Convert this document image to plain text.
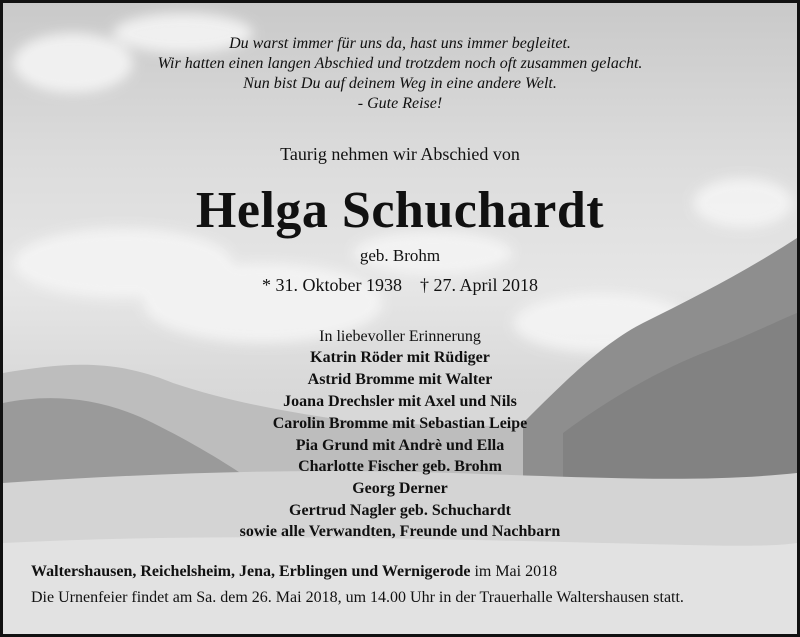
Du warst immer für uns da, hast uns immer begleitet.
Wir hatten einen langen Abschied und trotzdem noch oft zusammen gelacht.
Nun bist Du auf deinem Weg in eine andere Welt.
- Gute Reise!
Taurig nehmen wir Abschied von
Helga Schuchardt
geb. Brohm
* 31. Oktober 1938 † 27. April 2018
In liebevoller Erinnerung
Katrin Röder mit Rüdiger
Astrid Bromme mit Walter
Joana Drechsler mit Axel und Nils
Carolin Bromme mit Sebastian Leipe
Pia Grund mit Andrè und Ella
Charlotte Fischer geb. Brohm
Georg Derner
Gertrud Nagler geb. Schuchardt
sowie alle Verwandten, Freunde und Nachbarn
Waltershausen, Reichelsheim, Jena, Erblingen und Wernigerode im Mai 2018
Die Urnenfeier findet am Sa. dem 26. Mai 2018, um 14.00 Uhr in der Trauerhalle Waltershausen statt.
